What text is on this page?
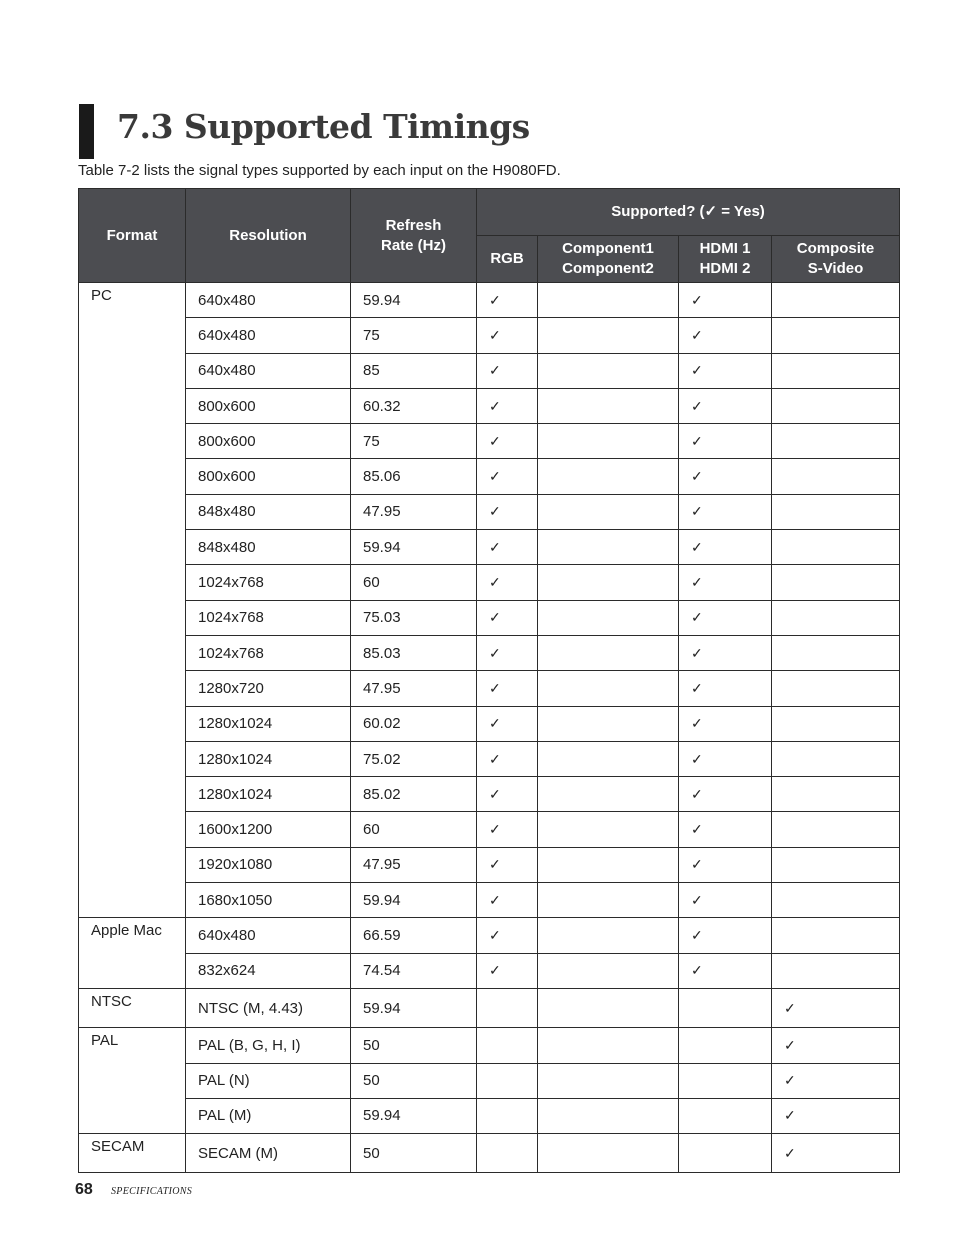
7.3 Supported Timings
Table 7-2 lists the signal types supported by each input on the H9080FD.
Format	Resolution	Refresh Rate (Hz)	Supported? (✓ = Yes)			
			RGB	Component1 Component2	HDMI 1 HDMI 2	Composite S-Video

PC	640x480	59.94	✓		✓	
	640x480	75	✓		✓	
	640x480	85	✓		✓	
	800x600	60.32	✓		✓	
	800x600	75	✓		✓	
	800x600	85.06	✓		✓	
	848x480	47.95	✓		✓	
	848x480	59.94	✓		✓	
	1024x768	60	✓		✓	
	1024x768	75.03	✓		✓	
	1024x768	85.03	✓		✓	
	1280x720	47.95	✓		✓	
	1280x1024	60.02	✓		✓	
	1280x1024	75.02	✓		✓	
	1280x1024	85.02	✓		✓	
	1600x1200	60	✓		✓	
	1920x1080	47.95	✓		✓	
	1680x1050	59.94	✓		✓	
Apple Mac	640x480	66.59	✓		✓	
	832x624	74.54	✓		✓	
NTSC	NTSC (M, 4.43)	59.94				✓
PAL	PAL (B, G, H, I)	50				✓
	PAL (N)	50				✓
	PAL (M)	59.94				✓
SECAM	SECAM (M)	50				✓
68 SPECIFICATIONS
